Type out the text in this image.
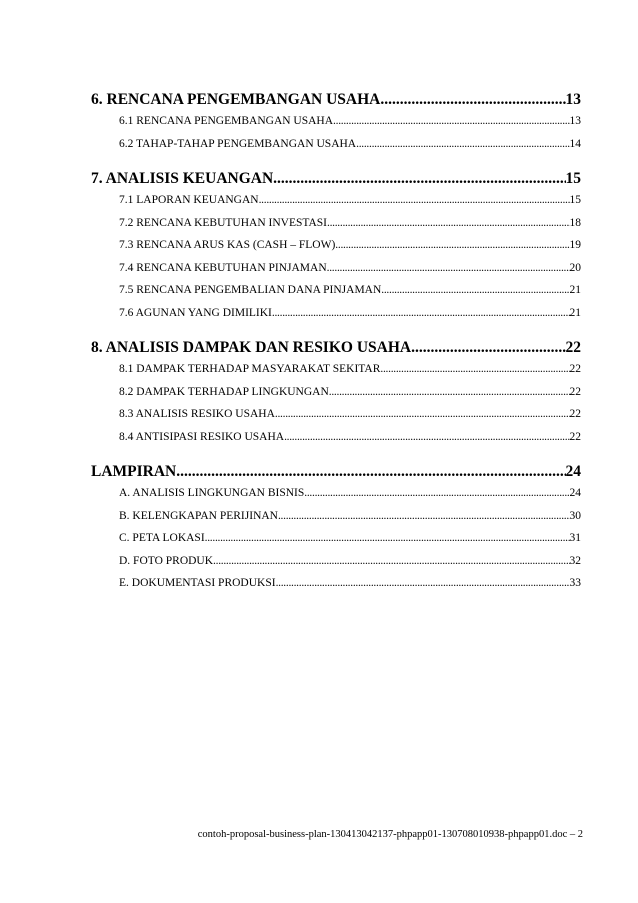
6. RENCANA PENGEMBANGAN USAHA .....	13
6.1 RENCANA PENGEMBANGAN USAHA .....	13
6.2 TAHAP-TAHAP PENGEMBANGAN USAHA .....	14
7. ANALISIS KEUANGAN .....	15
7.1 LAPORAN KEUANGAN .....	15
7.2 RENCANA KEBUTUHAN INVESTASI .....	18
7.3 RENCANA ARUS KAS (CASH – FLOW) .....	19
7.4 RENCANA KEBUTUHAN PINJAMAN .....	20
7.5 RENCANA PENGEMBALIAN DANA PINJAMAN .....	21
7.6 AGUNAN YANG DIMILIKI .....	21
8. ANALISIS DAMPAK DAN RESIKO USAHA .....	22
8.1 DAMPAK TERHADAP MASYARAKAT SEKITAR .....	22
8.2 DAMPAK TERHADAP LINGKUNGAN .....	22
8.3 ANALISIS RESIKO USAHA .....	22
8.4 ANTISIPASI RESIKO USAHA .....	22
LAMPIRAN .....	24
A. ANALISIS LINGKUNGAN BISNIS .....	24
B. KELENGKAPAN PERIJINAN .....	30
C. PETA LOKASI .....	31
D. FOTO PRODUK .....	32
E. DOKUMENTASI PRODUKSI .....	33
contoh-proposal-business-plan-130413042137-phpapp01-130708010938-phpapp01.doc – 2
